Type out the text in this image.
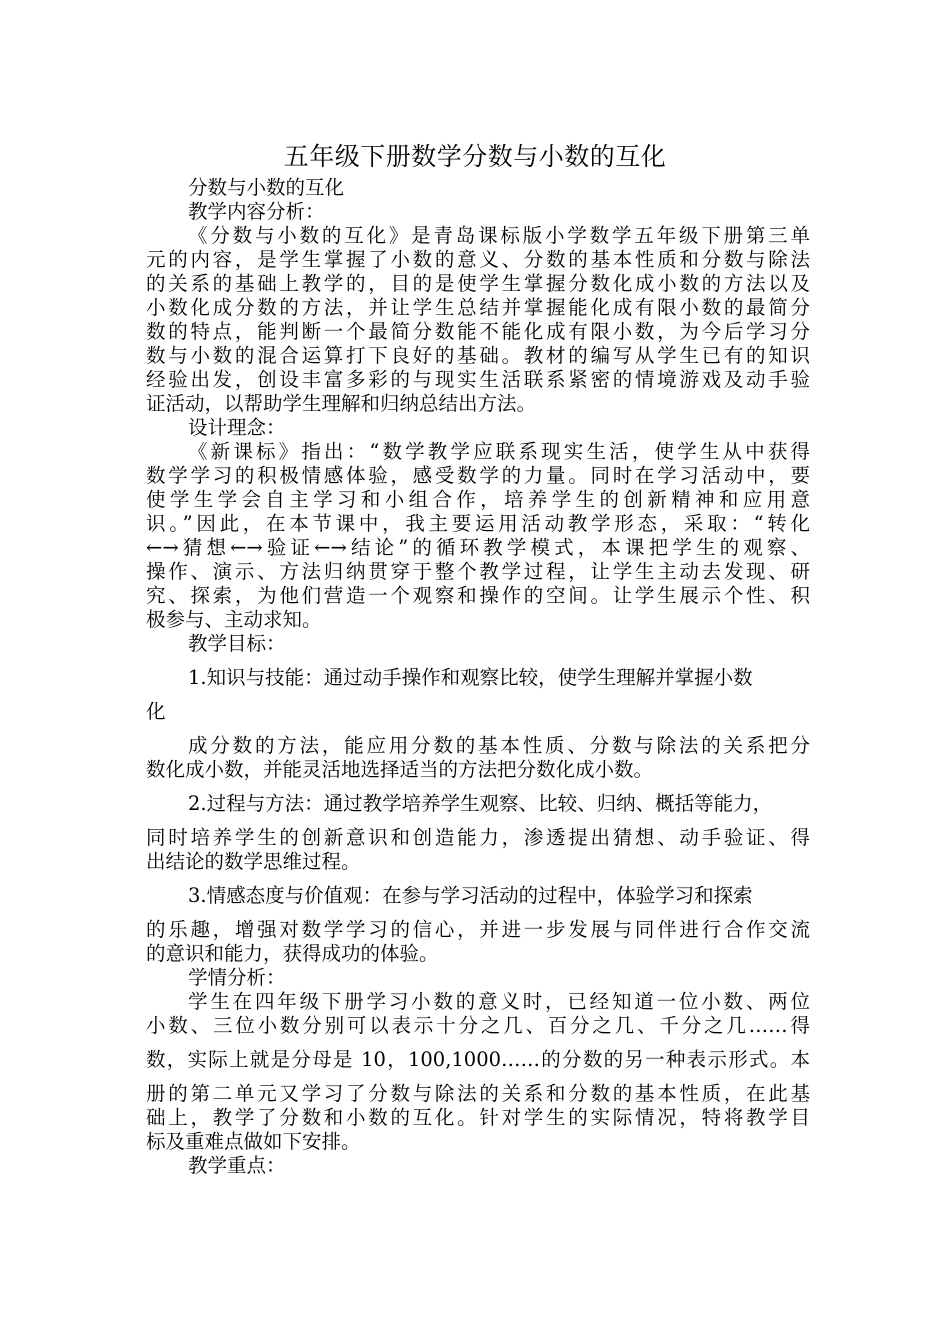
五年级下册数学分数与小数的互化
分数与小数的互化
教学内容分析：
《分数与小数的互化》是青岛课标版小学数学五年级下册第三单
元的内容，是学生掌握了小数的意义、分数的基本性质和分数与除法
的关系的基础上教学的，目的是使学生掌握分数化成小数的方法以及
小数化成分数的方法，并让学生总结并掌握能化成有限小数的最简分
数的特点，能判断一个最简分数能不能化成有限小数，为今后学习分
数与小数的混合运算打下良好的基础。教材的编写从学生已有的知识
经验出发，创设丰富多彩的与现实生活联系紧密的情境游戏及动手验
证活动，以帮助学生理解和归纳总结出方法。
设计理念：
《新课标》指出：“数学教学应联系现实生活，使学生从中获得
数学学习的积极情感体验，感受数学的力量。同时在学习活动中，要
使学生学会自主学习和小组合作，培养学生的创新精神和应用意
识。”因此，在本节课中，我主要运用活动教学形态，采取：“转化
←→猜想←→验证←→结论”的循环教学模式，本课把学生的观察、
操作、演示、方法归纳贯穿于整个教学过程，让学生主动去发现、研
究、探索，为他们营造一个观察和操作的空间。让学生展示个性、积
极参与、主动求知。
教学目标：
1.知识与技能：通过动手操作和观察比较，使学生理解并掌握小数
化
成分数的方法，能应用分数的基本性质、分数与除法的关系把分
数化成小数，并能灵活地选择适当的方法把分数化成小数。
2.过程与方法：通过教学培养学生观察、比较、归纳、概括等能力，
同时培养学生的创新意识和创造能力，渗透提出猜想、动手验证、得
出结论的数学思维过程。
3.情感态度与价值观：在参与学习活动的过程中，体验学习和探索
的乐趣，增强对数学学习的信心，并进一步发展与同伴进行合作交流
的意识和能力，获得成功的体验。
学情分析：
学生在四年级下册学习小数的意义时，已经知道一位小数、两位
小数、三位小数分别可以表示十分之几、百分之几、千分之几……得
数，实际上就是分母是 10，100,1000……的分数的另一种表示形式。本
册的第二单元又学习了分数与除法的关系和分数的基本性质，在此基
础上，教学了分数和小数的互化。针对学生的实际情况，特将教学目
标及重难点做如下安排。
教学重点：
